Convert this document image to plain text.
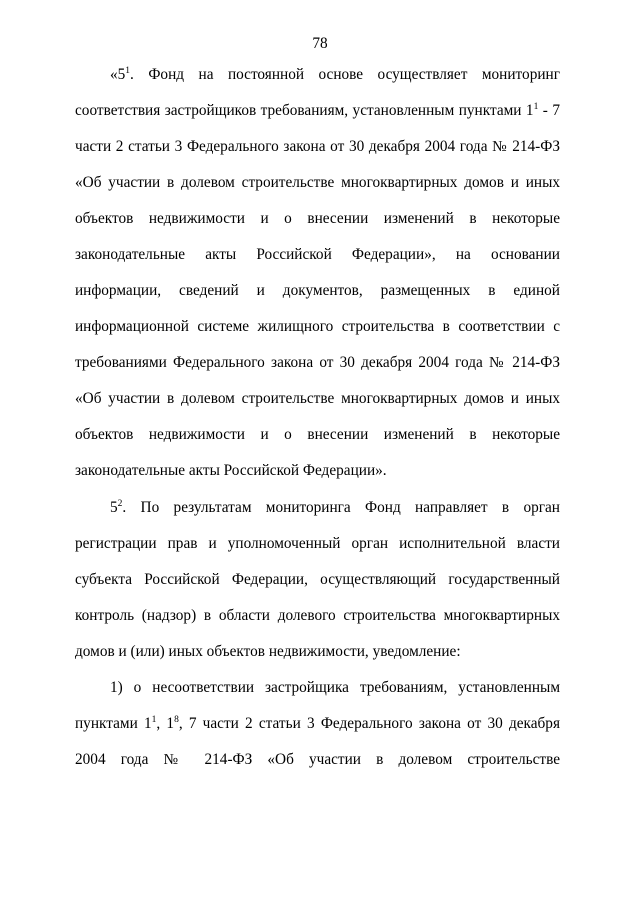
78
«$5^1$. Фонд на постоянной основе осуществляет мониторинг
соответствия застройщиков требованиям, установленным пунктами $1^1 - 7$
части 2 статьи 3 Федерального закона от 30 декабря 2004 года № 214-ФЗ
«Об участии в долевом строительстве многоквартирных домов и иных
объектов недвижимости и о внесении изменений в некоторые
законодательные акты Российской Федерации», на основании
информации, сведений и документов, размещенных в единой
информационной системе жилищного строительства в соответствии с
требованиями Федерального закона от 30 декабря 2004 года № 214-ФЗ
«Об участии в долевом строительстве многоквартирных домов и иных
объектов недвижимости и о внесении изменений в некоторые
законодательные акты Российской Федерации».
$5^2$. По результатам мониторинга Фонд направляет в орган
регистрации прав и уполномоченный орган исполнительной власти
субъекта Российской Федерации, осуществляющий государственный
контроль (надзор) в области долевого строительства многоквартирных
домов и (или) иных объектов недвижимости, уведомление:
1) о несоответствии застройщика требованиям, установленным
пунктами $1^1$, $1^8$, 7 части 2 статьи 3 Федерального закона от 30 декабря
2004 года № 214-ФЗ «Об участии в долевом строительстве
